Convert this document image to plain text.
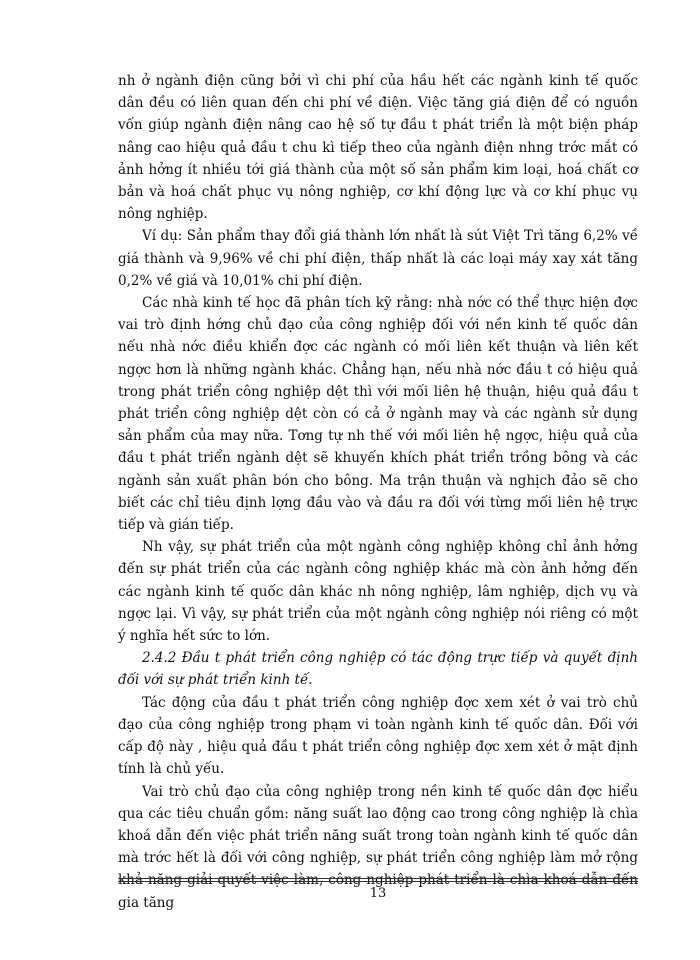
nh ở ngành điện cũng bởi vì chi phí của hầu hết các ngành kinh tế quốc dân đều có liên quan đến chi phí về điện. Việc tăng giá điện để có nguồn vốn giúp ngành điện nâng cao hệ số tự đầu t phát triển là một biện pháp nâng cao hiệu quả đầu t chu kì tiếp theo của ngành điện nhng trớc mắt có ảnh hởng ít nhiều tới giá thành của một số sản phẩm kim loại, hoá chất cơ bản và hoá chất phục vụ nông nghiệp, cơ khí động lực và cơ khí phục vụ nông nghiệp.

Ví dụ: Sản phẩm thay đổi giá thành lớn nhất là sút Việt Trì tăng 6,2% về giá thành và 9,96% về chi phí điện, thấp nhất là các loại máy xay xát tăng 0,2% về giá và 10,01% chi phí điện.

Các nhà kinh tế học đã phân tích kỹ rằng: nhà nớc có thể thực hiện đợc vai trò định hớng chủ đạo của công nghiệp đối với nền kinh tế quốc dân nếu nhà nớc điều khiển đợc các ngành có mối liên kết thuận và liên kết ngợc hơn là những ngành khác. Chẳng hạn, nếu nhà nớc đầu t có hiệu quả trong phát triển công nghiệp dệt thì với mối liên hệ thuận, hiệu quả đầu t phát triển công nghiệp dệt còn có cả ở ngành may và các ngành sử dụng sản phẩm của may nữa. Tơng tự nh thế với mối liên hệ ngợc, hiệu quả của đầu t phát triển ngành dệt sẽ khuyến khích phát triển trồng bông và các ngành sản xuất phân bón cho bông. Ma trận thuận và nghịch đảo sẽ cho biết các chỉ tiêu định lợng đầu vào và đầu ra đối với từng mối liên hệ trực tiếp và gián tiếp.

Nh vậy, sự phát triển của một ngành công nghiệp không chỉ ảnh hởng đến sự phát triển của các ngành công nghiệp khác mà còn ảnh hởng đến các ngành kinh tế quốc dân khác nh nông nghiệp, lâm nghiệp, dịch vụ và ngợc lại. Vì vậy, sự phát triển của một ngành công nghiệp nói riêng có một ý nghĩa hết sức to lớn.

2.4.2 Đầu t phát triển công nghiệp có tác động trực tiếp và quyết định đối với sự phát triển kinh tế.

Tác động của đầu t phát triển công nghiệp đợc xem xét ở vai trò chủ đạo của công nghiệp trong phạm vi toàn ngành kinh tế quốc dân. Đối với cấp độ này , hiệu quả đầu t phát triển công nghiệp đợc xem xét ở mặt định tính là chủ yếu.

Vai trò chủ đạo của công nghiệp trong nền kinh tế quốc dân đợc hiểu qua các tiêu chuẩn gồm: năng suất lao động cao trong công nghiệp là chìa khoá dẫn đến việc phát triển năng suất trong toàn ngành kinh tế quốc dân mà trớc hết là đối với công nghiệp, sự phát triển công nghiệp làm mở rộng khả năng giải quyết việc làm, công nghiệp phát triển là chìa khoá dẫn đến gia tăng

13
